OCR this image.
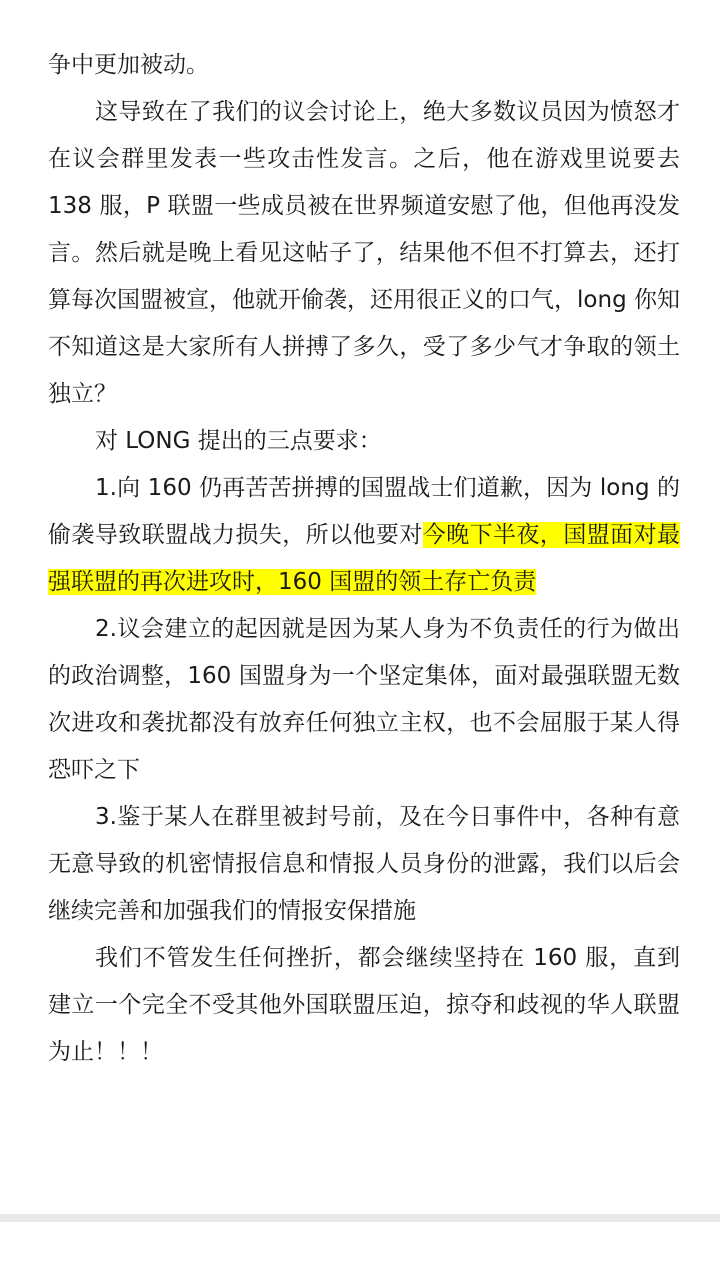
争中更加被动。

这导致在了我们的议会讨论上，绝大多数议员因为愤怒才在议会群里发表一些攻击性发言。之后，他在游戏里说要去 138 服，P 联盟一些成员被在世界频道安慰了他，但他再没发言。然后就是晚上看见这帖子了，结果他不但不打算去，还打算每次国盟被宣，他就开偷袭，还用很正义的口气，long 你知不知道这是大家所有人拼搏了多久，受了多少气才争取的领土独立？

对 LONG 提出的三点要求：

1.向 160 仍再苦苦拼搏的国盟战士们道歉，因为 long 的偷袭导致联盟战力损失，所以他要对今晚下半夜，国盟面对最强联盟的再次进攻时，160 国盟的领土存亡负责

2.议会建立的起因就是因为某人身为不负责任的行为做出的政治调整，160 国盟身为一个坚定集体，面对最强联盟无数次进攻和袭扰都没有放弃任何独立主权，也不会屈服于某人得恐吓之下

3.鉴于某人在群里被封号前，及在今日事件中，各种有意无意导致的机密情报信息和情报人员身份的泄露，我们以后会继续完善和加强我们的情报安保措施

我们不管发生任何挫折，都会继续坚持在 160 服，直到建立一个完全不受其他外国联盟压迫，掠夺和歧视的华人联盟为止！！！
